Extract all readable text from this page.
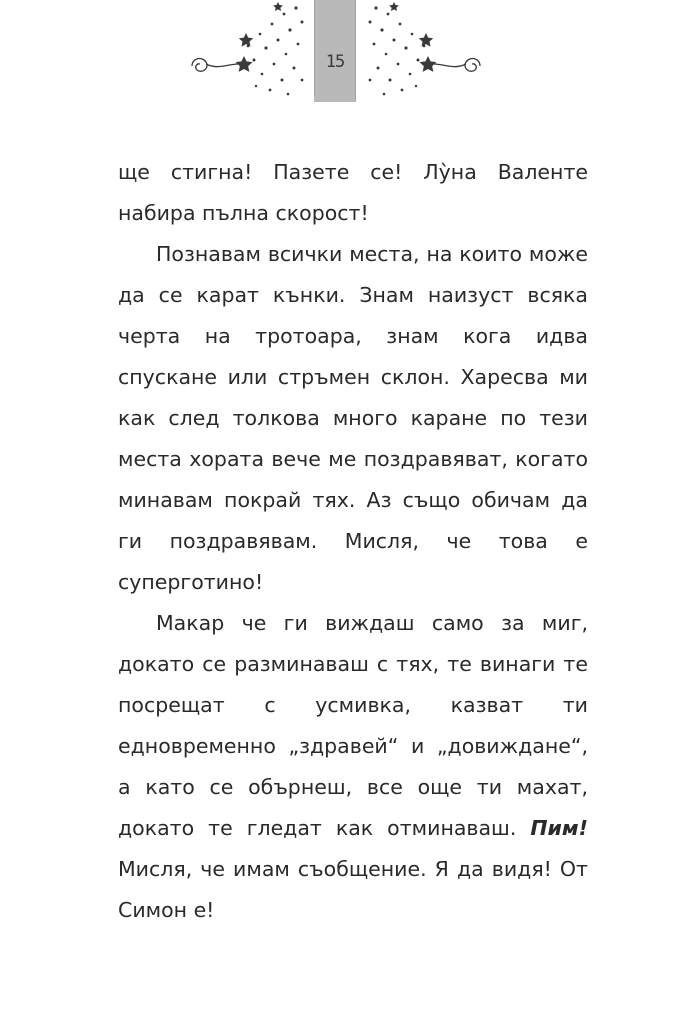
15

ще стигна! Пазете се! Лу̀на Валенте набира пълна скорост!

Познавам всички места, на които може да се карат кънки. Знам наизуст всяка черта на тротоара, знам кога идва спускане или стръмен склон. Харесва ми как след толкова много каране по тези места хората вече ме поздравяват, когато минавам покрай тях. Аз също обичам да ги поздравявам. Мисля, че това е суперготино!

Макар че ги виждаш само за миг, докато се разминаваш с тях, те винаги те посрещат с усмивка, казват ти едновременно „здравей“ и „довиждане“, а като се обърнеш, все още ти махат, докато те гледат как отминаваш. Пим! Мисля, че имам съобщение. Я да видя! От Симон е!
